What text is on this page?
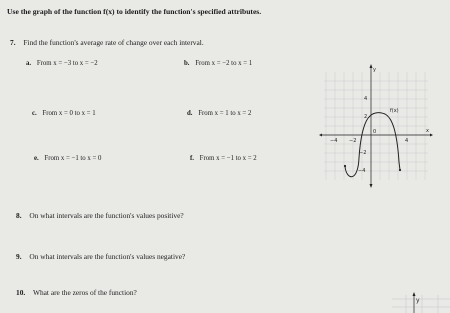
Use the graph of the function f(x) to identify the function's specified attributes.
7. Find the function's average rate of change over each interval.
a. From x = −3 to x = −2	b. From x = −2 to x = 1
c. From x = 0 to x = 1	d. From x = 1 to x = 2
e. From x = −1 to x = 0	f. From x = −1 to x = 2
y
x
4
2
−2
−4
−4 −2
0
4
f(x)
8. On what intervals are the function's values positive?
9. On what intervals are the function's values negative?
10. What are the zeros of the function?
y
